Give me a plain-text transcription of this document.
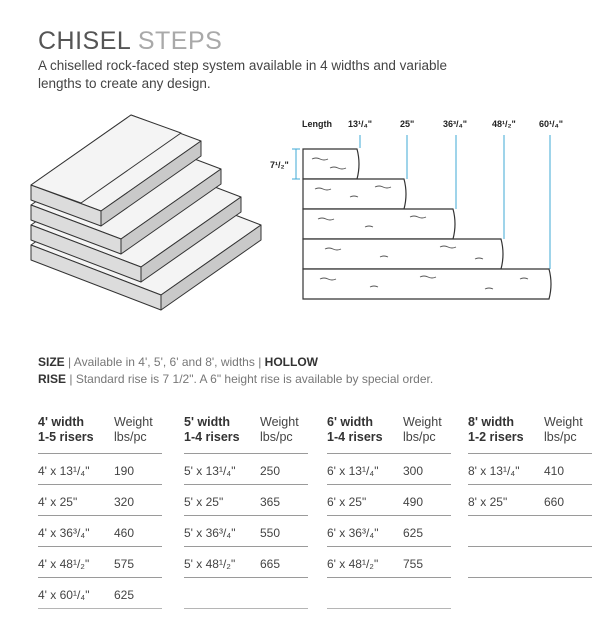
CHISEL STEPS
A chiselled rock-faced step system available in 4 widths and variable lengths to create any design.
Length 13¹/₄"	25"	36³/₄"	48¹/₂"	60¹/₄"
7¹/₂"
SIZE | Available in 4', 5', 6' and 8', widths | HOLLOW
RISE | Standard rise is 7 1/2". A 6" height rise is available by special order.
4' width
1-5 risers
Weight
lbs/pc
4' x 13¹/₄" 190
4' x 25"	320
4' x 36³/₄" 460
4' x 48¹/₂" 575
4' x 60¹/₄" 625
5' width
1-4 risers
Weight
lbs/pc
5' x 13¹/₄" 250
5' x 25"	365
5' x 36³/₄" 550
5' x 48¹/₂" 665
6' width
1-4 risers
Weight
lbs/pc
6' x 13¹/₄" 300
6' x 25"	490
6' x 36³/₄" 625
6' x 48¹/₂" 755
8' width
1-2 risers
Weight
lbs/pc
8' x 13¹/₄" 410
8' x 25"	660
